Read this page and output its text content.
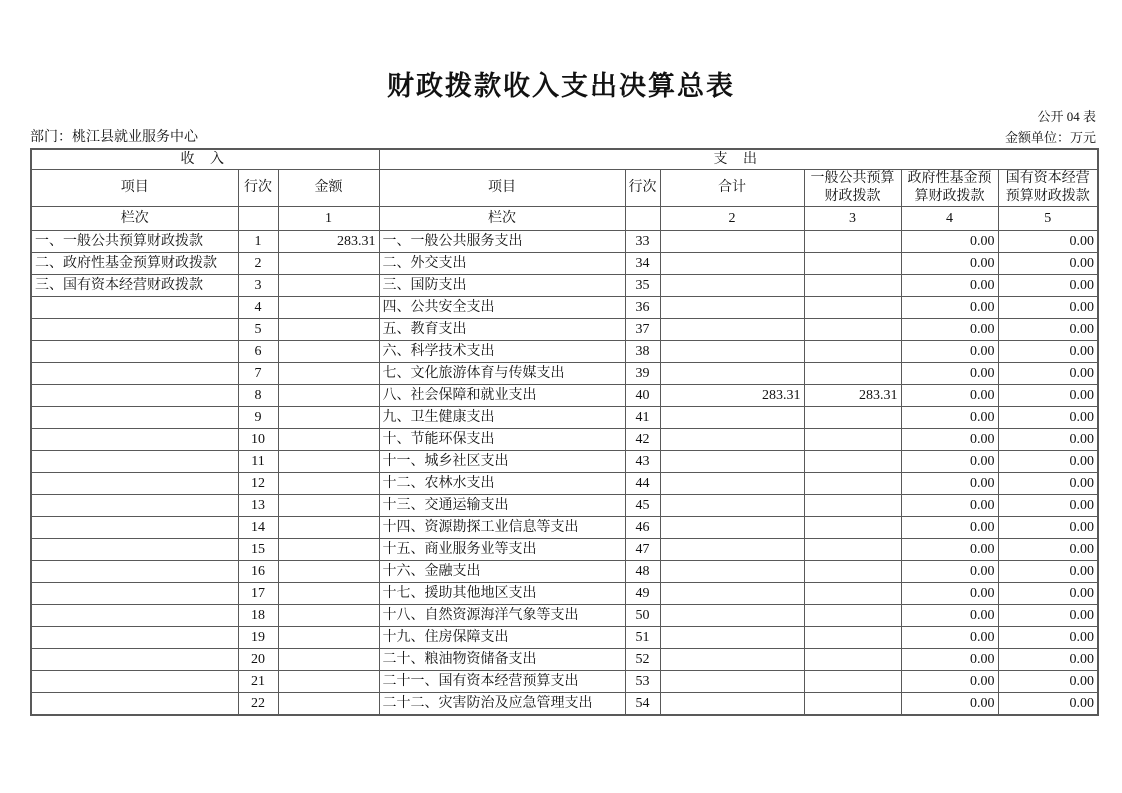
财政拨款收入支出决算总表
公开 04 表
部门：桃江县就业服务中心	金额单位：万元
收 入			支 出					
项目	行次	金额	项目	行次	合计	一般公共预算财政拨款	政府性基金预算财政拨款	国有资本经营预算财政拨款
栏次		1	栏次		2	3	4	5
一、一般公共预算财政拨款	1	283.31	一、一般公共服务支出	33			0.00	0.00
二、政府性基金预算财政拨款	2		二、外交支出	34			0.00	0.00
三、国有资本经营财政拨款	3		三、国防支出	35			0.00	0.00
	4		四、公共安全支出	36			0.00	0.00
	5		五、教育支出	37			0.00	0.00
	6		六、科学技术支出	38			0.00	0.00
	7		七、文化旅游体育与传媒支出	39			0.00	0.00
	8		八、社会保障和就业支出	40	283.31	283.31	0.00	0.00
	9		九、卫生健康支出	41			0.00	0.00
	10		十、节能环保支出	42			0.00	0.00
	11		十一、城乡社区支出	43			0.00	0.00
	12		十二、农林水支出	44			0.00	0.00
	13		十三、交通运输支出	45			0.00	0.00
	14		十四、资源勘探工业信息等支出	46			0.00	0.00
	15		十五、商业服务业等支出	47			0.00	0.00
	16		十六、金融支出	48			0.00	0.00
	17		十七、援助其他地区支出	49			0.00	0.00
	18		十八、自然资源海洋气象等支出	50			0.00	0.00
	19		十九、住房保障支出	51			0.00	0.00
	20		二十、粮油物资储备支出	52			0.00	0.00
	21		二十一、国有资本经营预算支出	53			0.00	0.00
	22		二十二、灾害防治及应急管理支出	54			0.00	0.00
